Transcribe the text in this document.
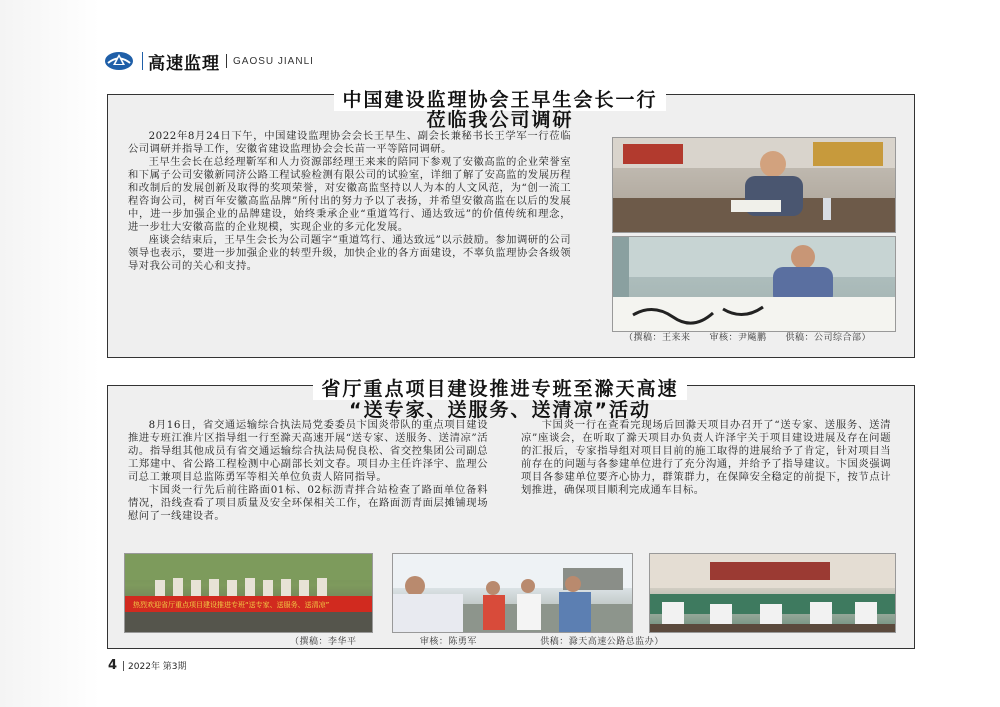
高速监理 GAOSU JIANLI
中国建设监理协会王早生会长一行
莅临我公司调研

2022年8月24日下午，中国建设监理协会会长王早生、副会长兼秘书长王学军一行莅临公司调研并指导工作，安徽省建设监理协会会长苗一平等陪同调研。

王早生会长在总经理靳军和人力资源部经理王来来的陪同下参观了安徽高监的企业荣誉室和下属子公司安徽新同济公路工程试验检测有限公司的试验室，详细了解了安高监的发展历程和改制后的发展创新及取得的奖项荣誉，对安徽高监坚持以人为本的人文风范，为“创一流工程咨询公司，树百年安徽高监品牌”所付出的努力予以了表扬，并希望安徽高监在以后的发展中，进一步加强企业的品牌建设，始终秉承企业“重道笃行、通达致远”的价值传统和理念，进一步壮大安徽高监的企业规模，实现企业的多元化发展。

座谈会结束后，王早生会长为公司题字“重道笃行、通达致远”以示鼓励。参加调研的公司领导也表示，要进一步加强企业的转型升级，加快企业的各方面建设，不辜负监理协会各级领导对我公司的关心和支持。

（撰稿：王来来　　审核：尹飚鹏　　供稿：公司综合部）
省厅重点项目建设推进专班至滁天高速
“送专家、送服务、送清凉”活动

8月16日，省交通运输综合执法局党委委员卞国炎带队的重点项目建设推进专班江淮片区指导组一行至滁天高速开展“送专家、送服务、送清凉”活动。指导组其他成员有省交通运输综合执法局倪良松、省交控集团公司副总工郑建中、省公路工程检测中心副部长刘文春。项目办主任许泽宇、监理公司总工兼项目总监陈勇军等相关单位负责人陪同指导。

卞国炎一行先后前往路面01标、02标沥青拌合站检查了路面单位备料情况，沿线查看了项目质量及安全环保相关工作，在路面沥青面层摊铺现场慰问了一线建设者。

卞国炎一行在查看完现场后回滁天项目办召开了“送专家、送服务、送清凉”座谈会，在听取了滁天项目办负责人许泽宇关于项目建设进展及存在问题的汇报后，专家指导组对项目目前的施工取得的进展给予了肯定，针对项目当前存在的问题与各参建单位进行了充分沟通，并给予了指导建议。卞国炎强调项目各参建单位要齐心协力，群策群力，在保障安全稳定的前提下，按节点计划推进，确保项目顺利完成通车目标。

热烈欢迎省厅重点项目建设推进专班“送专家、送服务、送清凉”
（撰稿：李华平	审核：陈勇军	供稿：滁天高速公路总监办）
4 2022年 第3期
